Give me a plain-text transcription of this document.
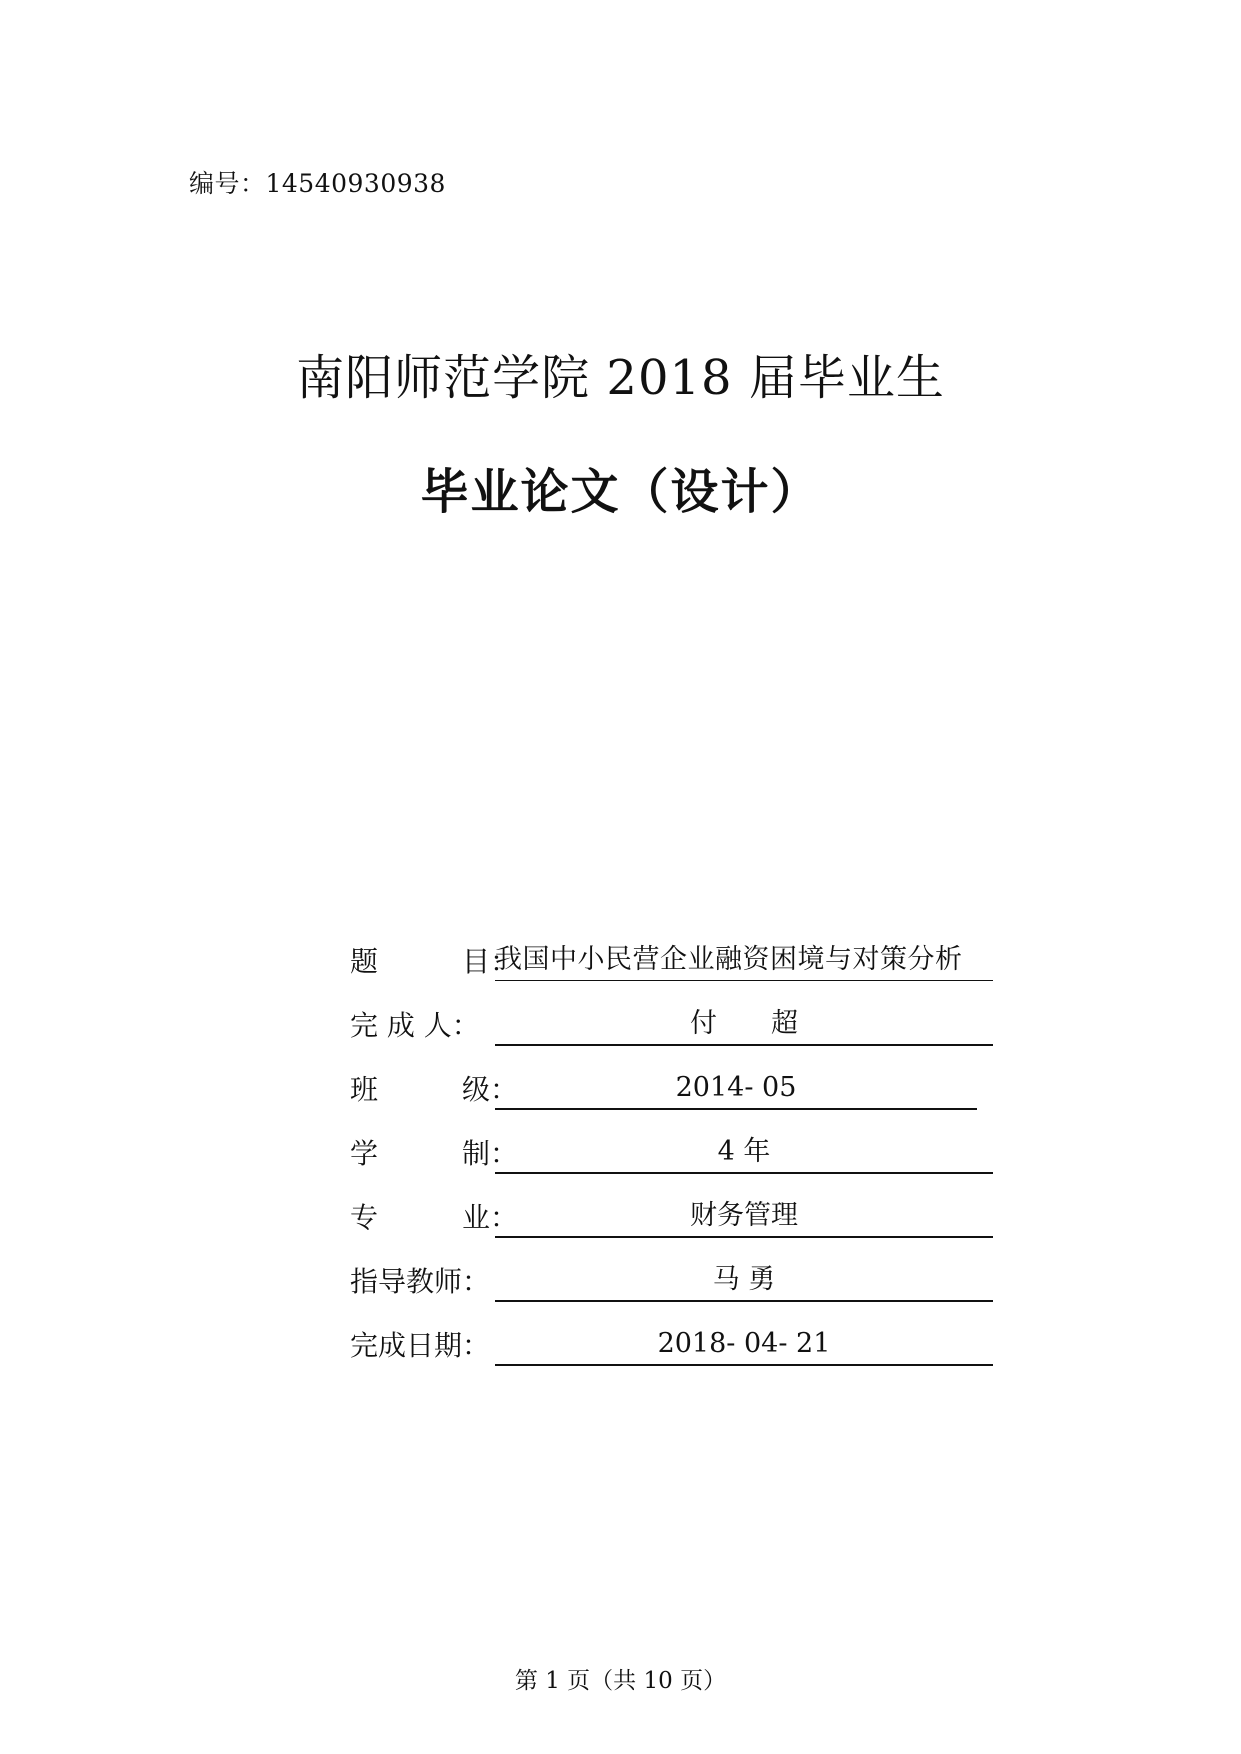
编号：14540930938
南阳师范学院 2018 届毕业生
毕业论文（设计）
题　　　目：
我国中小民营企业融资困境与对策分析
完 成 人：	付　　超
班　　　级：	2014- 05
学　　　制：	4 年
专　　　业：	财务管理
指导教师：	马 勇
完成日期：	2018- 04- 21
第 1 页（共 10 页）
